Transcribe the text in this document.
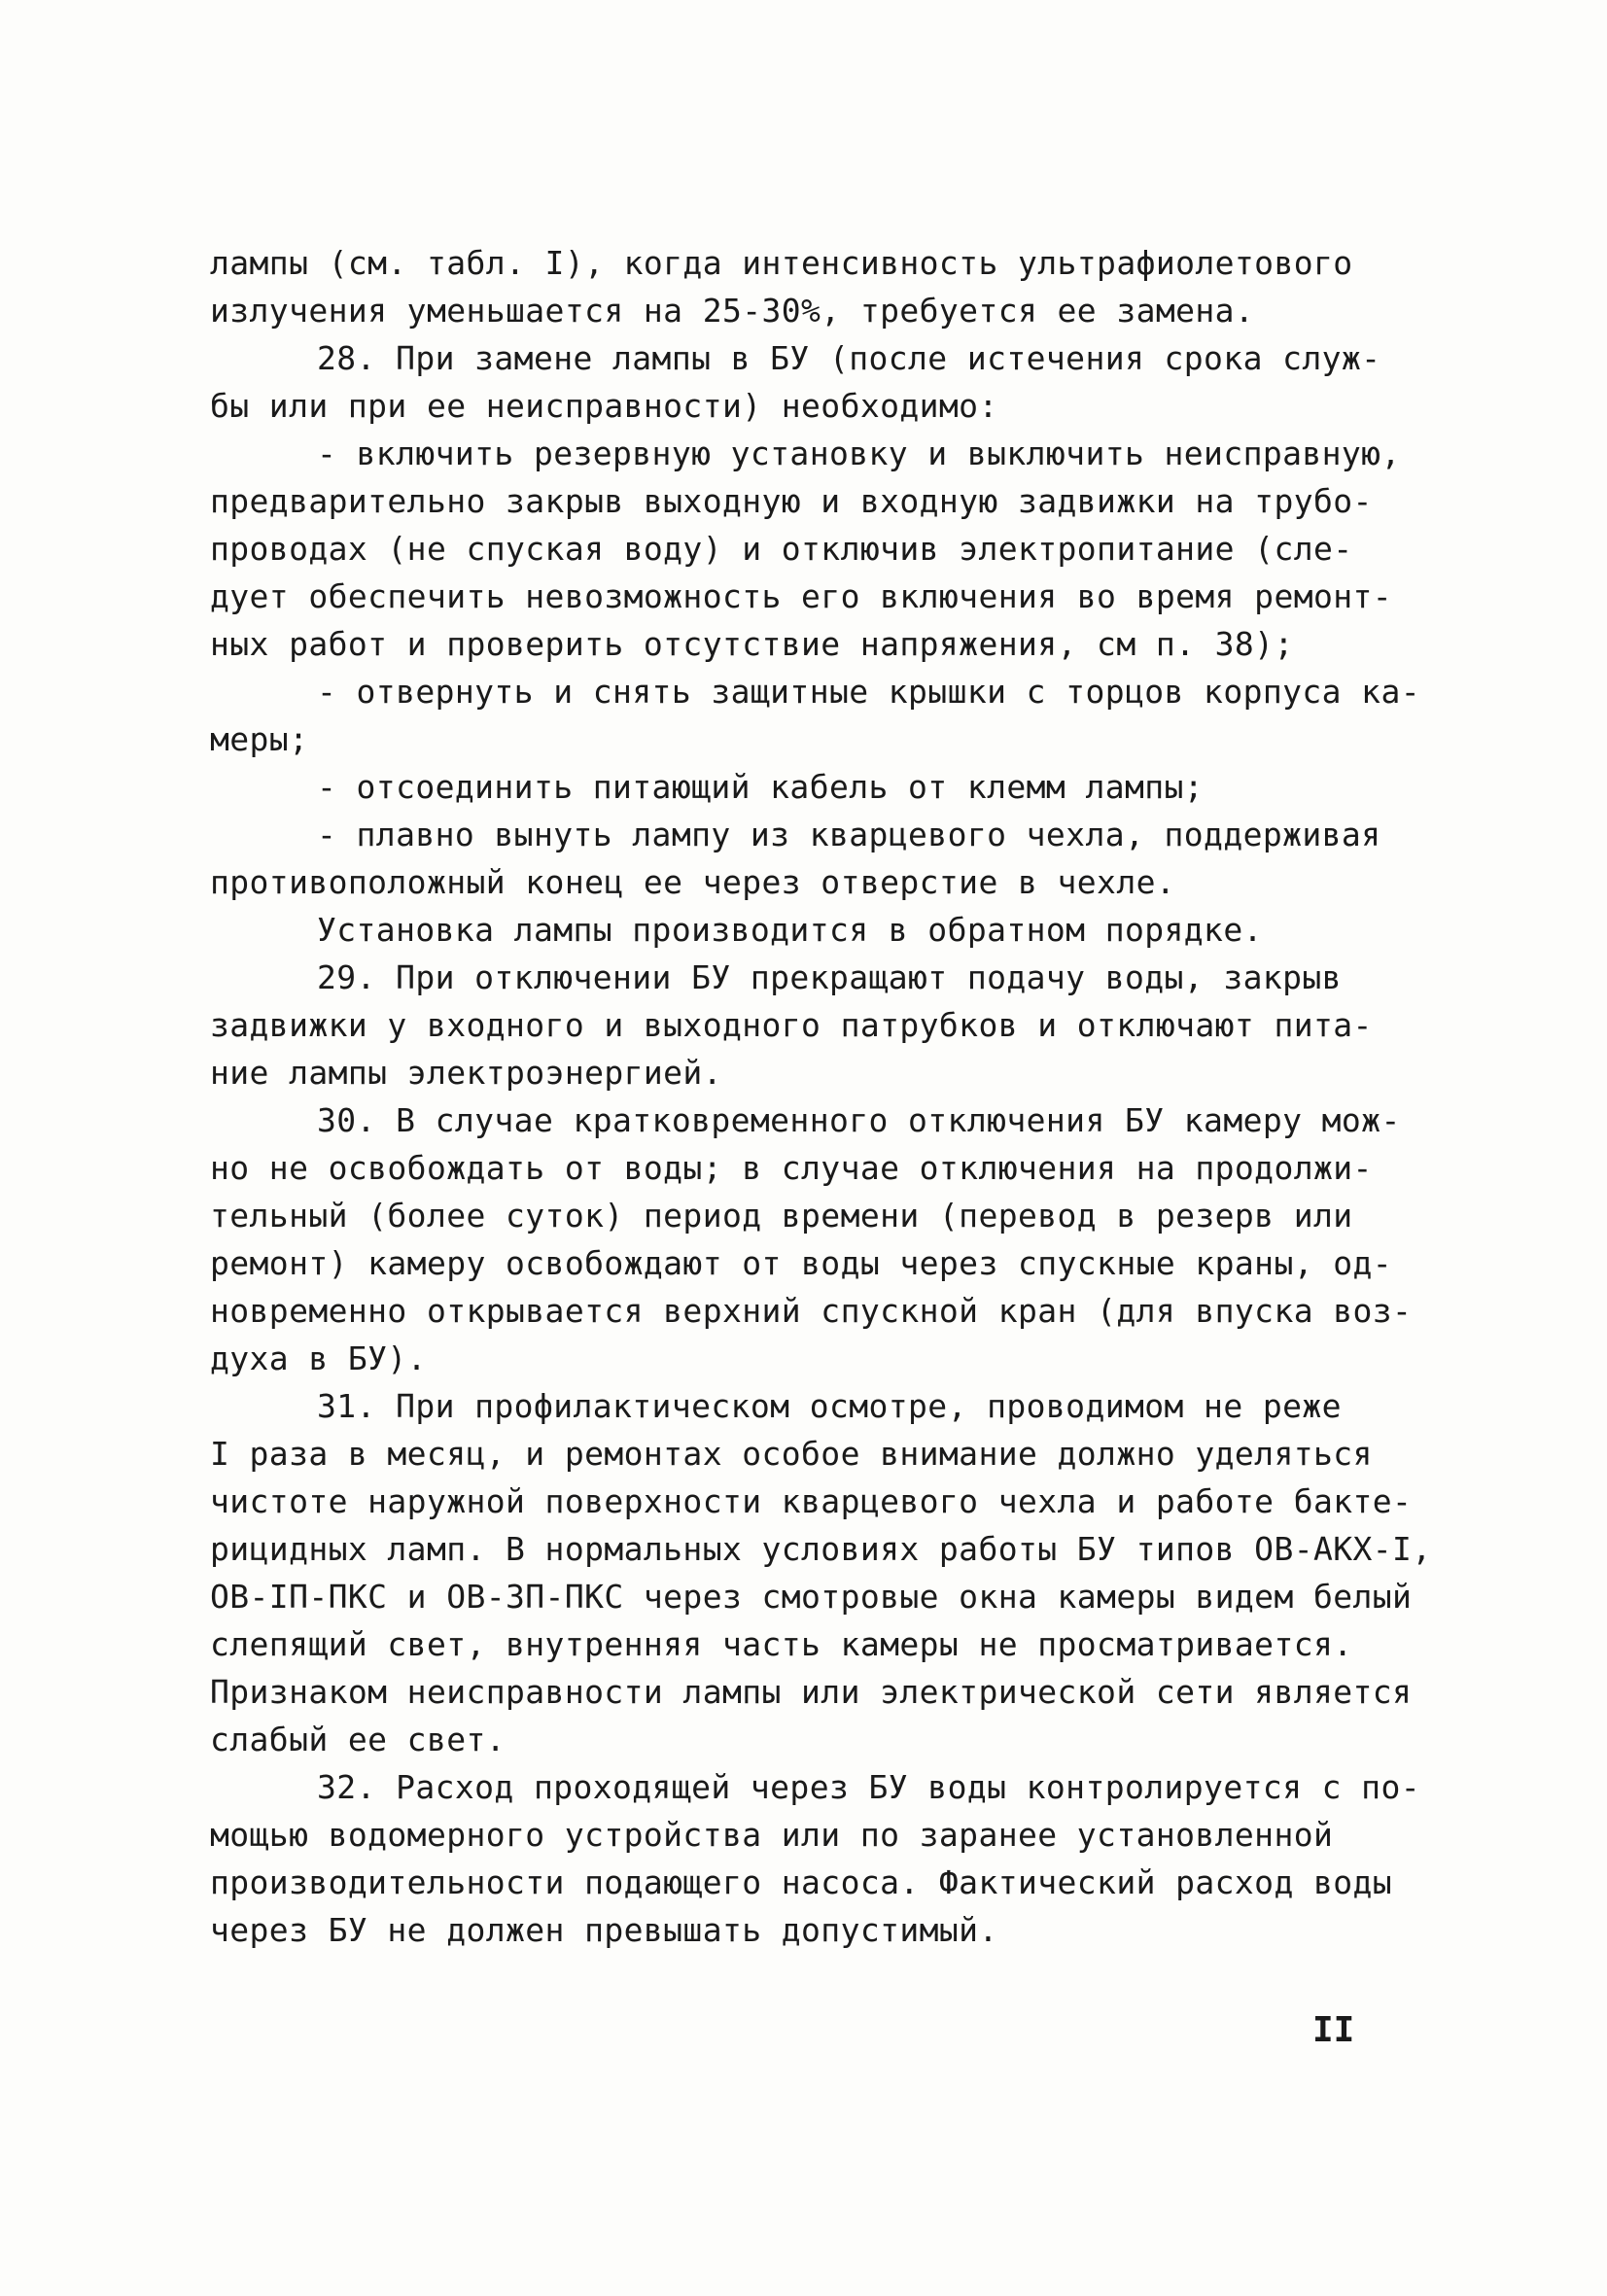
лампы (см. табл. I), когда интенсивность ультрафиолетового
излучения уменьшается на 25-30%, требуется ее замена.
28. При замене лампы в БУ (после истечения срока служ-
бы или при ее неисправности) необходимо:
- включить резервную установку и выключить неисправную,
предварительно закрыв выходную и входную задвижки на трубо-
проводах (не спуская воду) и отключив электропитание (сле-
дует обеспечить невозможность его включения во время ремонт-
ных работ и проверить отсутствие напряжения, см п. 38);
- отвернуть и снять защитные крышки с торцов корпуса ка-
меры;
- отсоединить питающий кабель от клемм лампы;
- плавно вынуть лампу из кварцевого чехла, поддерживая
противоположный конец ее через отверстие в чехле.
Установка лампы производится в обратном порядке.
29. При отключении БУ прекращают подачу воды, закрыв
задвижки у входного и выходного патрубков и отключают пита-
ние лампы электроэнергией.
30. В случае кратковременного отключения БУ камеру мож-
но не освобождать от воды; в случае отключения на продолжи-
тельный (более суток) период времени (перевод в резерв или
ремонт) камеру освобождают от воды через спускные краны, од-
новременно открывается верхний спускной кран (для впуска воз-
духа в БУ).
31. При профилактическом осмотре, проводимом не реже
I раза в месяц, и ремонтах особое внимание должно уделяться
чистоте наружной поверхности кварцевого чехла и работе бакте-
рицидных ламп. В нормальных условиях работы БУ типов ОВ-АКХ-I,
ОВ-IП-ПКС и ОВ-3П-ПКС через смотровые окна камеры видем белый
слепящий свет, внутренняя часть камеры не просматривается.
Признаком неисправности лампы или электрической сети является
слабый ее свет.
32. Расход проходящей через БУ воды контролируется с по-
мощью водомерного устройства или по заранее установленной
производительности подающего насоса. Фактический расход воды
через БУ не должен превышать допустимый.
II
